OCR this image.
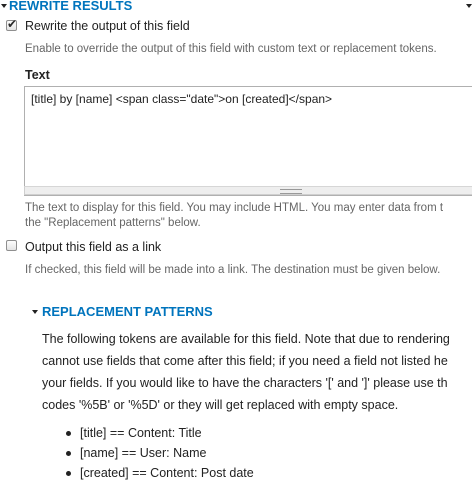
REWRITE RESULTS
✔ Rewrite the output of this field
Enable to override the output of this field with custom text or replacement tokens.
Text
[title] by [name] <span class="date">on [created]</span>
The text to display for this field. You may include HTML. You may enter data from t
the "Replacement patterns" below.
Output this field as a link
If checked, this field will be made into a link. The destination must be given below.
REPLACEMENT PATTERNS
The following tokens are available for this field. Note that due to rendering
cannot use fields that come after this field; if you need a field not listed he
your fields. If you would like to have the characters '[' and ']' please use th
codes '%5B' or '%5D' or they will get replaced with empty space.
[title] == Content: Title
[name] == User: Name
[created] == Content: Post date
